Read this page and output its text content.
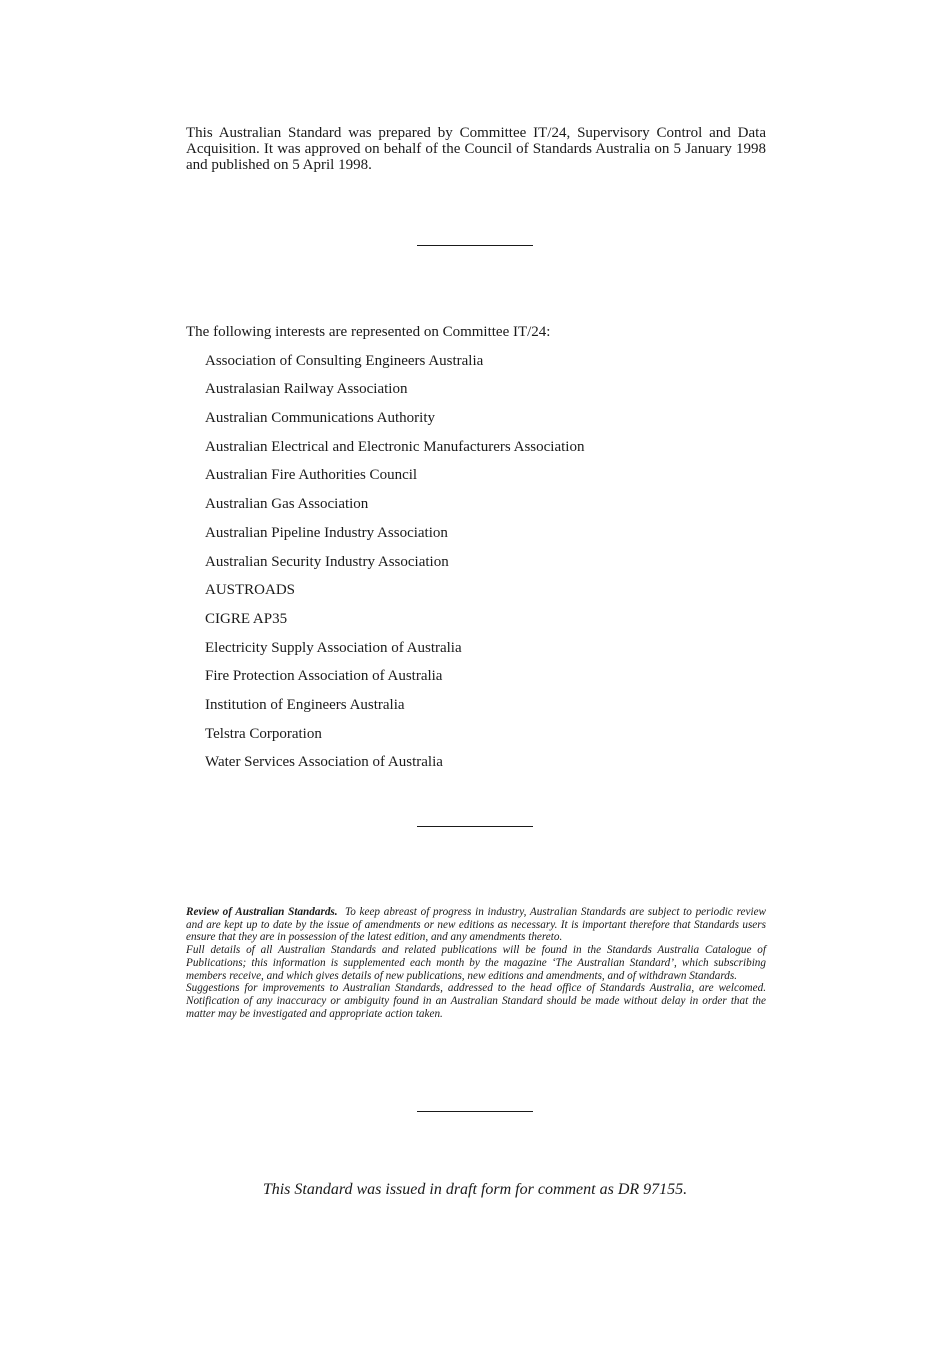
This Australian Standard was prepared by Committee IT/24, Supervisory Control and Data Acquisition. It was approved on behalf of the Council of Standards Australia on 5 January 1998 and published on 5 April 1998.
The following interests are represented on Committee IT/24:
Association of Consulting Engineers Australia
Australasian Railway Association
Australian Communications Authority
Australian Electrical and Electronic Manufacturers Association
Australian Fire Authorities Council
Australian Gas Association
Australian Pipeline Industry Association
Australian Security Industry Association
AUSTROADS
CIGRE AP35
Electricity Supply Association of Australia
Fire Protection Association of Australia
Institution of Engineers Australia
Telstra Corporation
Water Services Association of Australia

Review of Australian Standards. To keep abreast of progress in industry, Australian Standards are subject to periodic review and are kept up to date by the issue of amendments or new editions as necessary. It is important therefore that Standards users ensure that they are in possession of the latest edition, and any amendments thereto.

Full details of all Australian Standards and related publications will be found in the Standards Australia Catalogue of Publications; this information is supplemented each month by the magazine ‘The Australian Standard’, which subscribing members receive, and which gives details of new publications, new editions and amendments, and of withdrawn Standards.

Suggestions for improvements to Australian Standards, addressed to the head office of Standards Australia, are welcomed. Notification of any inaccuracy or ambiguity found in an Australian Standard should be made without delay in order that the matter may be investigated and appropriate action taken.

This Standard was issued in draft form for comment as DR 97155.
